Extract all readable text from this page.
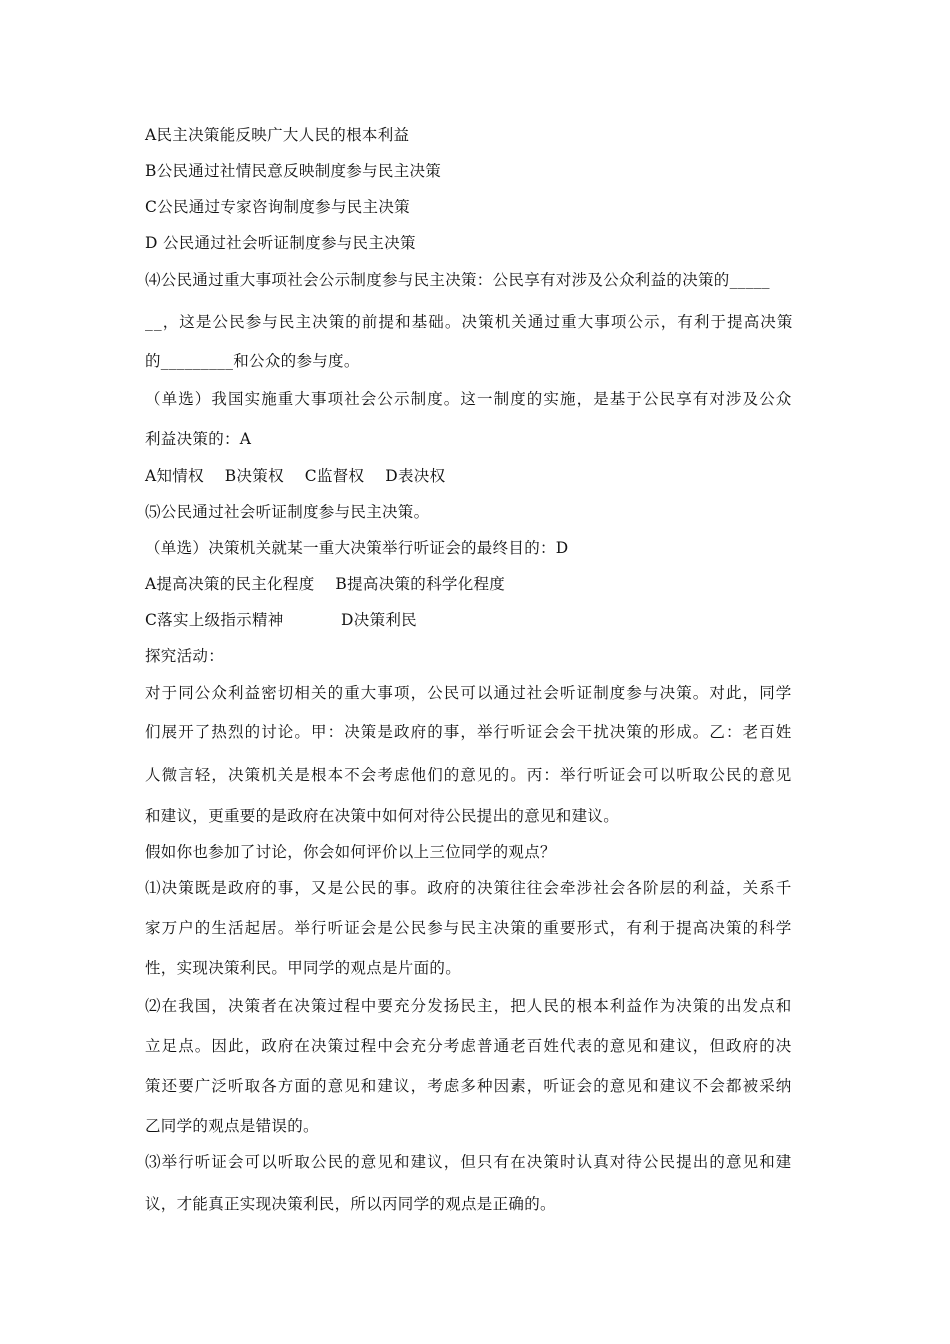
A民主决策能反映广大人民的根本利益
B公民通过社情民意反映制度参与民主决策
C公民通过专家咨询制度参与民主决策
D 公民通过社会听证制度参与民主决策
⑷公民通过重大事项社会公示制度参与民主决策：公民享有对涉及公众利益的决策的_____
__，这是公民参与民主决策的前提和基础。决策机关通过重大事项公示，有利于提高决策
的_________和公众的参与度。
（单选）我国实施重大事项社会公示制度。这一制度的实施，是基于公民享有对涉及公众
利益决策的：A
A知情权    B决策权    C监督权    D表决权
⑸公民通过社会听证制度参与民主决策。
（单选）决策机关就某一重大决策举行听证会的最终目的：D
A提高决策的民主化程度    B提高决策的科学化程度
C落实上级指示精神           D决策利民
探究活动：
对于同公众利益密切相关的重大事项，公民可以通过社会听证制度参与决策。对此，同学
们展开了热烈的讨论。甲：决策是政府的事，举行听证会会干扰决策的形成。乙：老百姓
人微言轻，决策机关是根本不会考虑他们的意见的。丙：举行听证会可以听取公民的意见
和建议，更重要的是政府在决策中如何对待公民提出的意见和建议。
假如你也参加了讨论，你会如何评价以上三位同学的观点？
⑴决策既是政府的事，又是公民的事。政府的决策往往会牵涉社会各阶层的利益，关系千
家万户的生活起居。举行听证会是公民参与民主决策的重要形式，有利于提高决策的科学
性，实现决策利民。甲同学的观点是片面的。
⑵在我国，决策者在决策过程中要充分发扬民主，把人民的根本利益作为决策的出发点和
立足点。因此，政府在决策过程中会充分考虑普通老百姓代表的意见和建议，但政府的决
策还要广泛听取各方面的意见和建议，考虑多种因素，听证会的意见和建议不会都被采纳
乙同学的观点是错误的。
⑶举行听证会可以听取公民的意见和建议，但只有在决策时认真对待公民提出的意见和建
议，才能真正实现决策利民，所以丙同学的观点是正确的。
